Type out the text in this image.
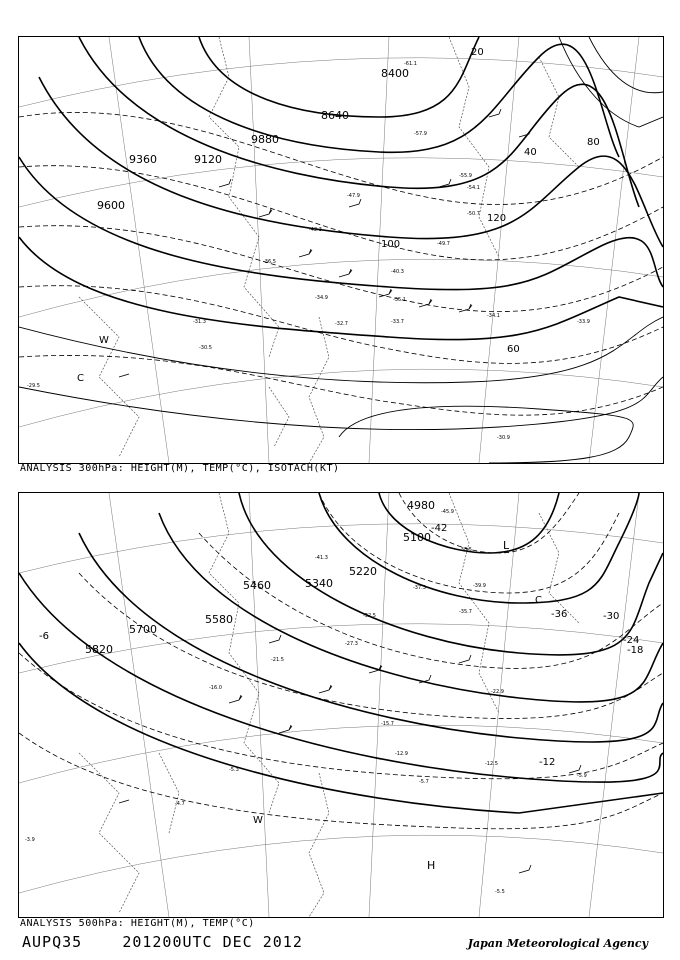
8400
8640
9120
9360
9600
9880
20
40
60
80
100
120
W
C
-61.1
-55.9
-57.9
-54.1
-50.7
-49.7
-47.9
-42.3
-40.3
-36.5
-34.9	-35.1
-33.7
-32.7
-31.3
-30.5
-29.5
-33.9
-30.9
-34.1
ANALYSIS 300hPa: HEIGHT(M), TEMP(°C), ISOTACH(KT)
4980
5100
5220
5340
5460
5580
5700
5820
-42
-36	-30
-24
-18
-12
-6
L
C
W
H
-45.9
-41.3
-37.3
-38.5
-39.9
-35.7
-32.5
-27.3
-22.9
-21.5
-16.0
-15.7
-12.9
-12.5
-5.7
-5.9
-5.3
-4.7
-3.9
-5.5
ANALYSIS 500hPa: HEIGHT(M), TEMP(°C)
AUPQ35	201200UTC DEC 2012	Japan Meteorological Agency
